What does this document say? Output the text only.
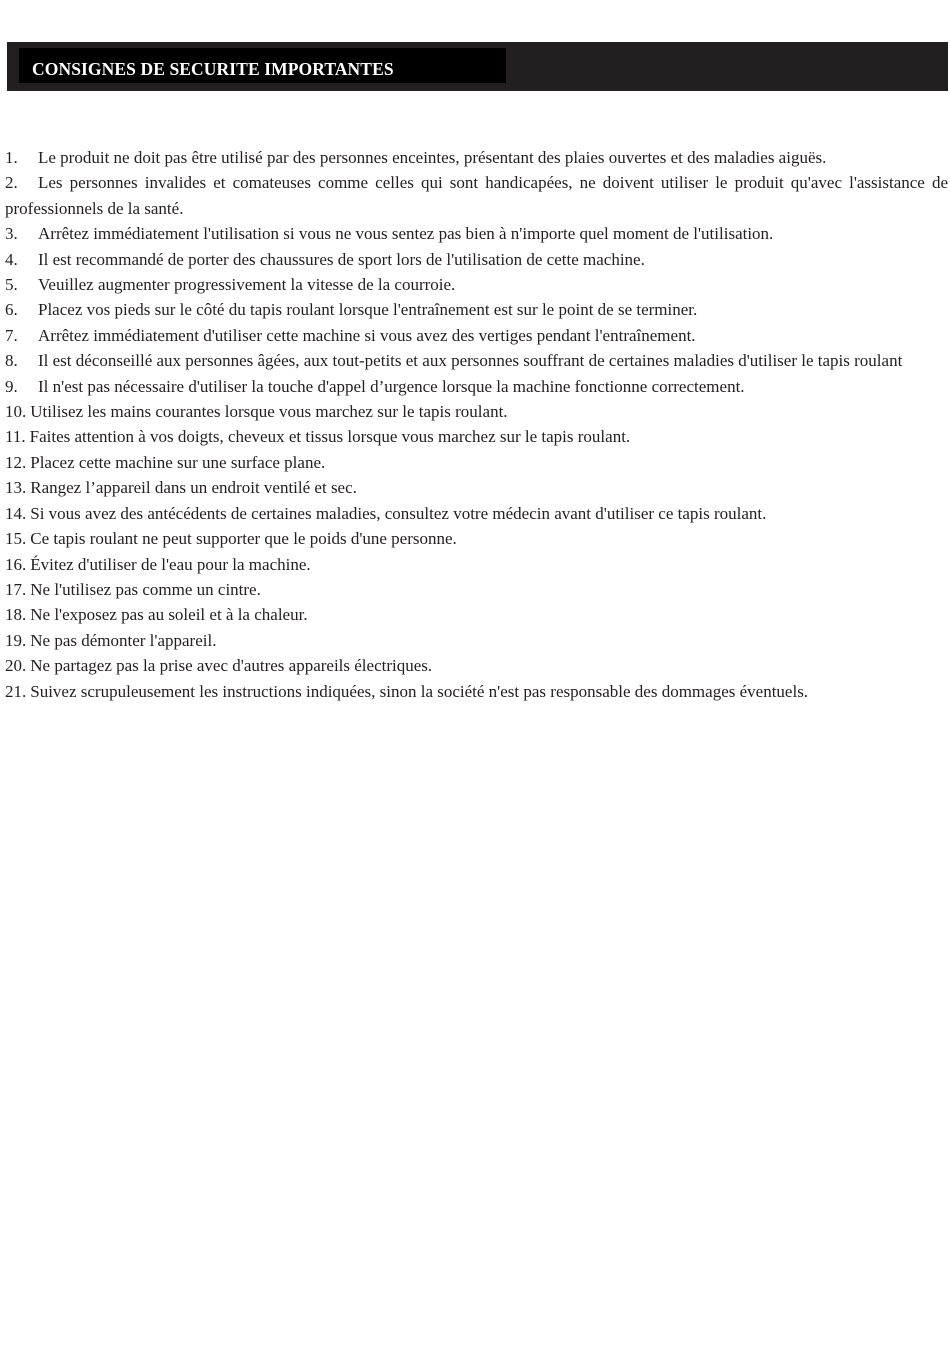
CONSIGNES DE SECURITE IMPORTANTES
1. Le produit ne doit pas être utilisé par des personnes enceintes, présentant des plaies ouvertes et des maladies aiguës.
2. Les personnes invalides et comateuses comme celles qui sont handicapées, ne doivent utiliser le produit qu'avec l'assistance de professionnels de la santé.
3. Arrêtez immédiatement l'utilisation si vous ne vous sentez pas bien à n'importe quel moment de l'utilisation.
4. Il est recommandé de porter des chaussures de sport lors de l'utilisation de cette machine.
5. Veuillez augmenter progressivement la vitesse de la courroie.
6. Placez vos pieds sur le côté du tapis roulant lorsque l'entraînement est sur le point de se terminer.
7. Arrêtez immédiatement d'utiliser cette machine si vous avez des vertiges pendant l'entraînement.
8. Il est déconseillé aux personnes âgées, aux tout-petits et aux personnes souffrant de certaines maladies d'utiliser le tapis roulant
9. Il n'est pas nécessaire d'utiliser la touche d'appel d’urgence lorsque la machine fonctionne correctement.
10. Utilisez les mains courantes lorsque vous marchez sur le tapis roulant.
11. Faites attention à vos doigts, cheveux et tissus lorsque vous marchez sur le tapis roulant.
12. Placez cette machine sur une surface plane.
13. Rangez l’appareil dans un endroit ventilé et sec.
14. Si vous avez des antécédents de certaines maladies, consultez votre médecin avant d'utiliser ce tapis roulant.
15. Ce tapis roulant ne peut supporter que le poids d'une personne.
16. Évitez d'utiliser de l'eau pour la machine.
17. Ne l'utilisez pas comme un cintre.
18. Ne l'exposez pas au soleil et à la chaleur.
19. Ne pas démonter l'appareil.
20. Ne partagez pas la prise avec d'autres appareils électriques.
21. Suivez scrupuleusement les instructions indiquées, sinon la société n'est pas responsable des dommages éventuels.
